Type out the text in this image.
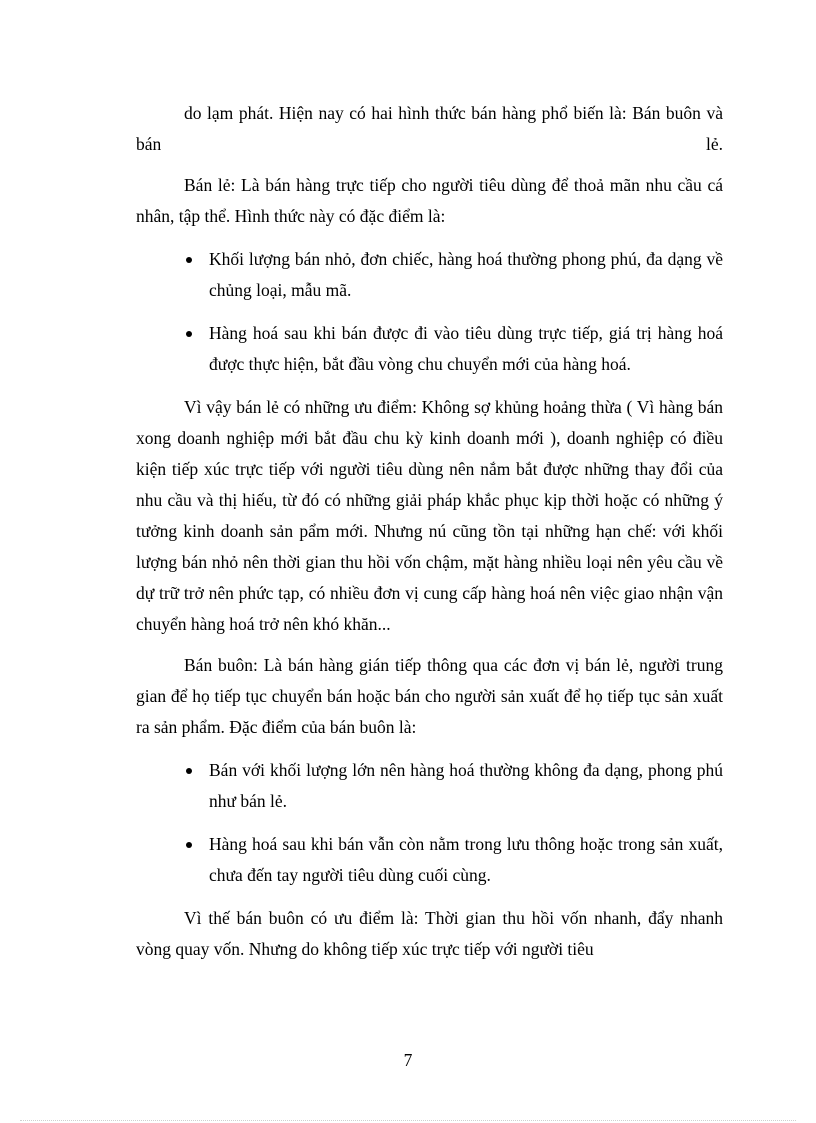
do lạm phát. Hiện nay có hai hình thức bán hàng phổ biến là: Bán buôn và bán lẻ.

Bán lẻ: Là bán hàng trực tiếp cho người tiêu dùng để thoả mãn nhu cầu cá nhân, tập thể. Hình thức này có đặc điểm là:

Khối lượng bán nhỏ, đơn chiếc, hàng hoá thường phong phú, đa dạng về chủng loại, mẫu mã.
Hàng hoá sau khi bán được đi vào tiêu dùng trực tiếp, giá trị hàng hoá được thực hiện, bắt đầu vòng chu chuyển mới của hàng hoá.

Vì vậy bán lẻ có những ưu điểm: Không sợ khủng hoảng thừa ( Vì hàng bán xong doanh nghiệp mới bắt đầu chu kỳ kinh doanh mới ), doanh nghiệp có điều kiện tiếp xúc trực tiếp với người tiêu dùng nên nắm bắt được những thay đổi của nhu cầu và thị hiếu, từ đó có những giải pháp khắc phục kịp thời hoặc có những ý tưởng kinh doanh sản pẩm mới. Nhưng nú cũng tồn tại những hạn chế: với khối lượng bán nhỏ nên thời gian thu hồi vốn chậm, mặt hàng nhiều loại nên yêu cầu về dự trữ trở nên phức tạp, có nhiều đơn vị cung cấp hàng hoá nên việc giao nhận vận chuyển hàng hoá trở nên khó khăn...

Bán buôn: Là bán hàng gián tiếp thông qua các đơn vị bán lẻ, người trung gian để họ tiếp tục chuyển bán hoặc bán cho người sản xuất để họ tiếp tục sản xuất ra sản phẩm. Đặc điểm của bán buôn là:

Bán với khối lượng lớn nên hàng hoá thường không đa dạng, phong phú như bán lẻ.
Hàng hoá sau khi bán vẫn còn nằm trong lưu thông hoặc trong sản xuất, chưa đến tay người tiêu dùng cuối cùng.

Vì thế bán buôn có ưu điểm là: Thời gian thu hồi vốn nhanh, đẩy nhanh vòng quay vốn. Nhưng do không tiếp xúc trực tiếp với người tiêu

7
